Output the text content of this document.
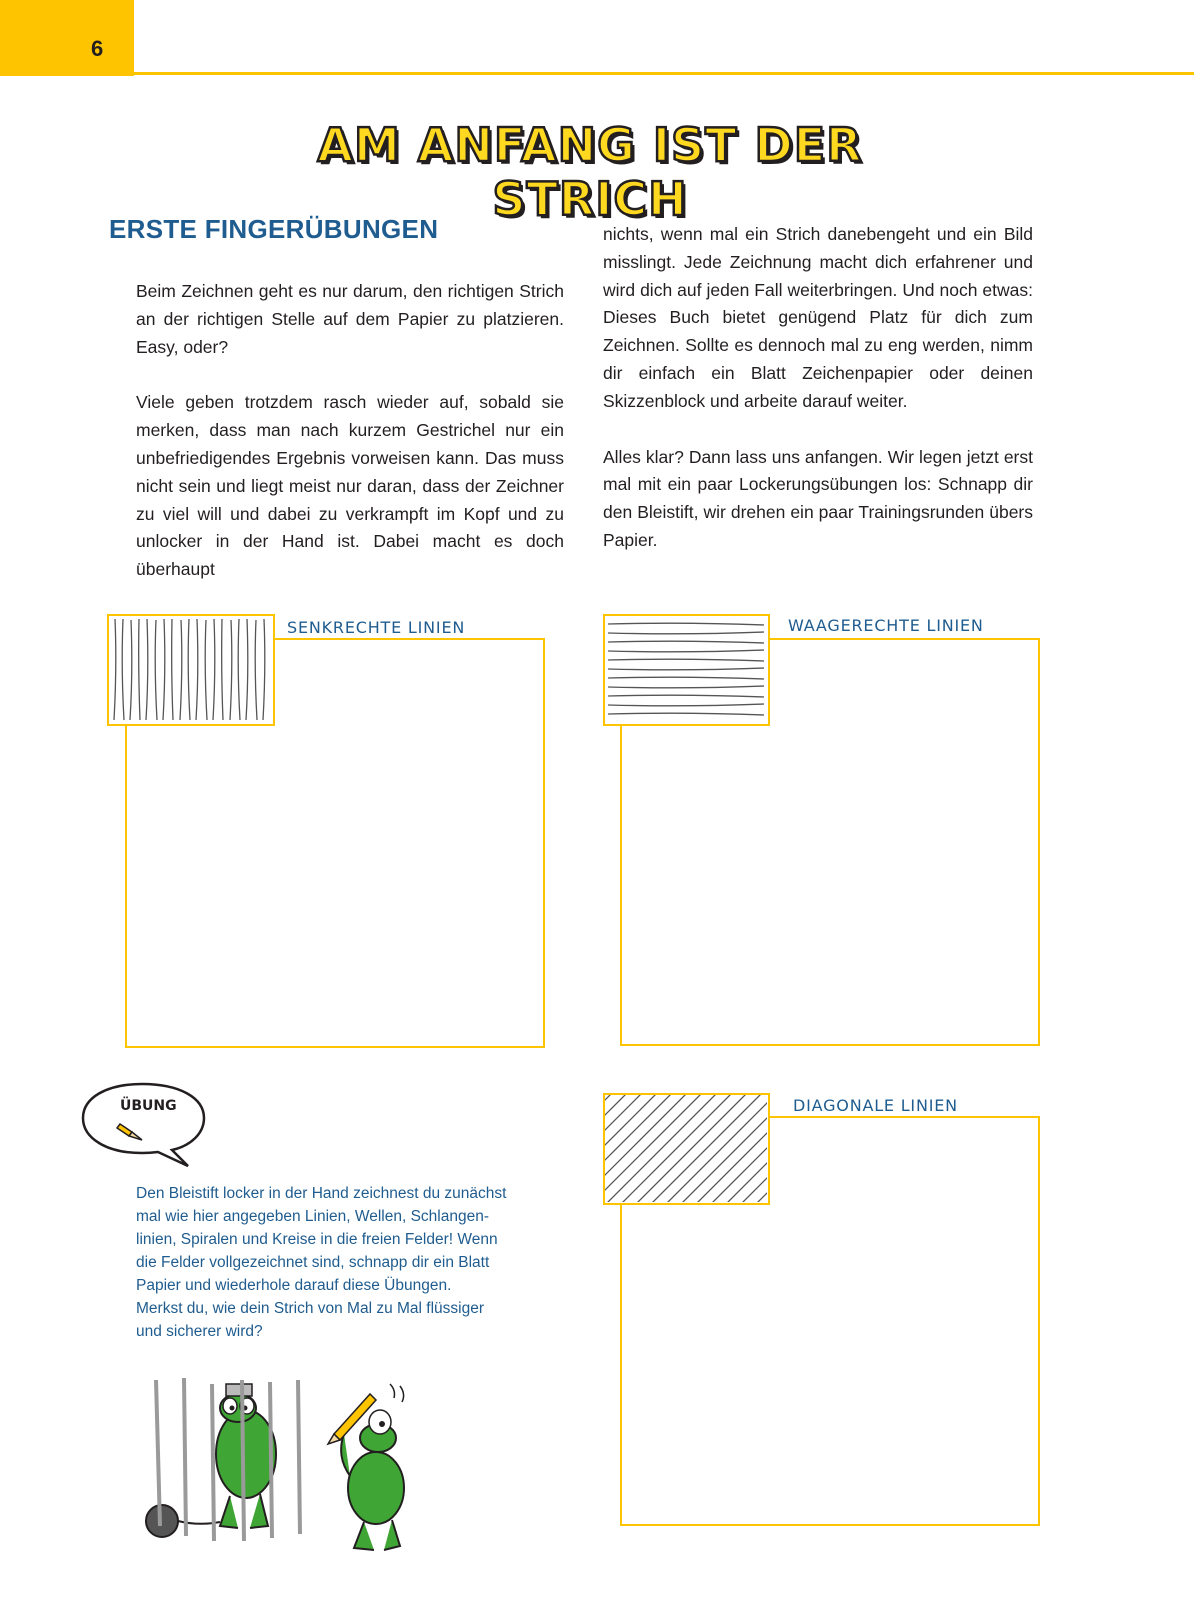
6
AM ANFANG IST DER STRICH
ERSTE FINGERÜBUNGEN

Beim Zeichnen geht es nur darum, den richtigen Strich an der richtigen Stelle auf dem Papier zu platzieren. Easy, oder?

Viele geben trotzdem rasch wieder auf, sobald sie merken, dass man nach kurzem Gestrichel nur ein unbefriedigendes Ergebnis vorweisen kann. Das muss nicht sein und liegt meist nur daran, dass der Zeichner zu viel will und dabei zu verkrampft im Kopf und zu unlocker in der Hand ist. Dabei macht es doch überhaupt

nichts, wenn mal ein Strich danebengeht und ein Bild misslingt. Jede Zeichnung macht dich erfahrener und wird dich auf jeden Fall weiterbringen. Und noch etwas: Dieses Buch bietet genügend Platz für dich zum Zeichnen. Sollte es dennoch mal zu eng werden, nimm dir einfach ein Blatt Zeichenpapier oder deinen Skizzenblock und arbeite darauf weiter.

Alles klar? Dann lass uns anfangen. Wir legen jetzt erst mal mit ein paar Lockerungsübungen los: Schnapp dir den Bleistift, wir drehen ein paar Trainingsrunden übers Papier.

SENKRECHTE LINIEN	WAAGERECHTE LINIEN
DIAGONALE LINIEN
ÜBUNG
Den Bleistift locker in der Hand zeichnest du zunächst
mal wie hier angegeben Linien, Wellen, Schlangen-
linien, Spiralen und Kreise in die freien Felder! Wenn
die Felder vollgezeichnet sind, schnapp dir ein Blatt
Papier und wiederhole darauf diese Übungen.
Merkst du, wie dein Strich von Mal zu Mal flüssiger
und sicherer wird?
